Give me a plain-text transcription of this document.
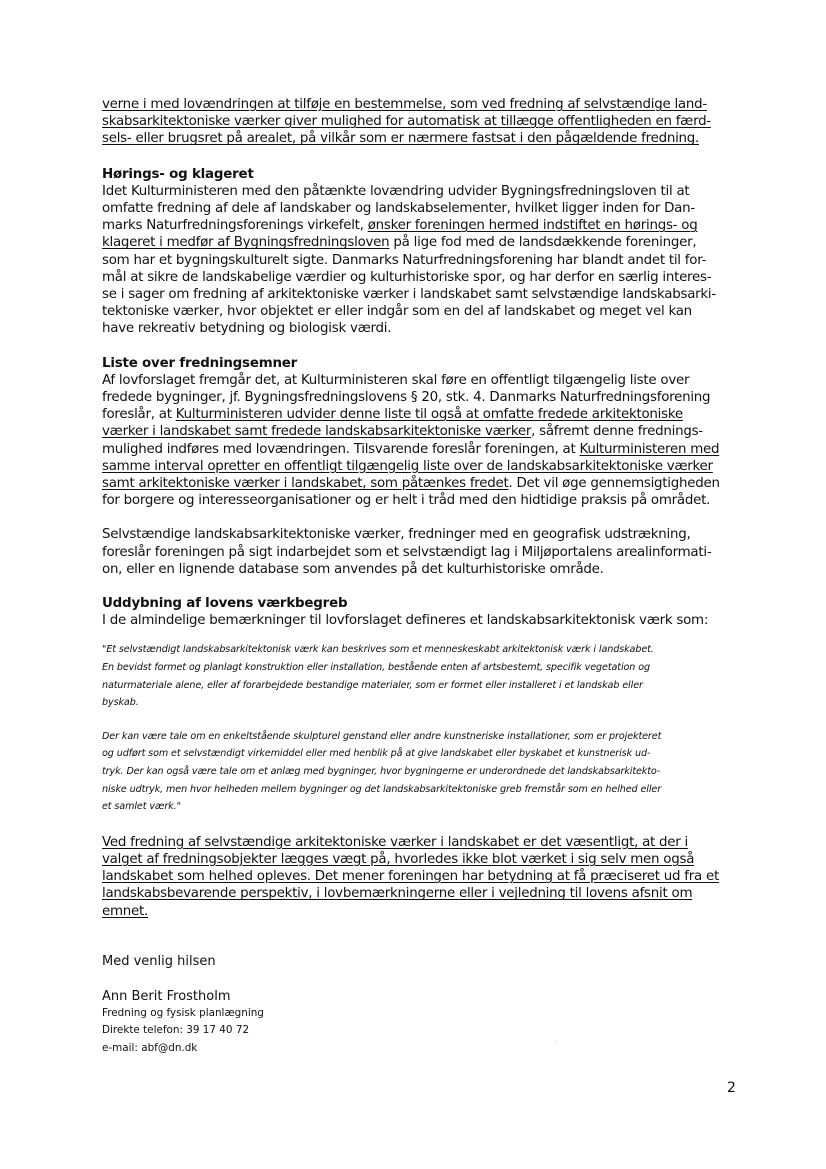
verne i med lovændringen at tilføje en bestemmelse, som ved fredning af selvstændige land-

skabsarkitektoniske værker giver mulighed for automatisk at tillægge offentligheden en færd-

sels- eller brugsret på arealet, på vilkår som er nærmere fastsat i den pågældende fredning.

Hørings- og klageret

Idet Kulturministeren med den påtænkte lovændring udvider Bygningsfredningsloven til at

omfatte fredning af dele af landskaber og landskabselementer, hvilket ligger inden for Dan-

marks Naturfredningsforenings virkefelt, ønsker foreningen hermed indstiftet en hørings- og

klageret i medfør af Bygningsfredningsloven på lige fod med de landsdækkende foreninger,

som har et bygningskulturelt sigte. Danmarks Naturfredningsforening har blandt andet til for-

mål at sikre de landskabelige værdier og kulturhistoriske spor, og har derfor en særlig interes-

se i sager om fredning af arkitektoniske værker i landskabet samt selvstændige landskabsarki-

tektoniske værker, hvor objektet er eller indgår som en del af landskabet og meget vel kan

have rekreativ betydning og biologisk værdi.

Liste over fredningsemner

Af lovforslaget fremgår det, at Kulturministeren skal føre en offentligt tilgængelig liste over

fredede bygninger, jf. Bygningsfredningslovens § 20, stk. 4. Danmarks Naturfredningsforening

foreslår, at Kulturministeren udvider denne liste til også at omfatte fredede arkitektoniske

værker i landskabet samt fredede landskabsarkitektoniske værker, såfremt denne frednings-

mulighed indføres med lovændringen. Tilsvarende foreslår foreningen, at Kulturministeren med

samme interval opretter en offentligt tilgængelig liste over de landskabsarkitektoniske værker

samt arkitektoniske værker i landskabet, som påtænkes fredet. Det vil øge gennemsigtigheden

for borgere og interesseorganisationer og er helt i tråd med den hidtidige praksis på området.

Selvstændige landskabsarkitektoniske værker, fredninger med en geografisk udstrækning,

foreslår foreningen på sigt indarbejdet som et selvstændigt lag i Miljøportalens arealinformati-

on, eller en lignende database som anvendes på det kulturhistoriske område.

Uddybning af lovens værkbegreb

I de almindelige bemærkninger til lovforslaget defineres et landskabsarkitektonisk værk som:

"Et selvstændigt landskabsarkitektonisk værk kan beskrives som et menneskeskabt arkitektonisk værk i landskabet.

En bevidst formet og planlagt konstruktion eller installation, bestående enten af artsbestemt, specifik vegetation og

naturmateriale alene, eller af forarbejdede bestandige materialer, som er formet eller installeret i et landskab eller

byskab.

Der kan være tale om en enkeltstående skulpturel genstand eller andre kunstneriske installationer, som er projekteret

og udført som et selvstændigt virkemiddel eller med henblik på at give landskabet eller byskabet et kunstnerisk ud-

tryk. Der kan også være tale om et anlæg med bygninger, hvor bygningerne er underordnede det landskabsarkitekto-

niske udtryk, men hvor helheden mellem bygninger og det landskabsarkitektoniske greb fremstår som en helhed eller

et samlet værk."

Ved fredning af selvstændige arkitektoniske værker i landskabet er det væsentligt, at der i

valget af fredningsobjekter lægges vægt på, hvorledes ikke blot værket i sig selv men også

landskabet som helhed opleves. Det mener foreningen har betydning at få præciseret ud fra et

landskabsbevarende perspektiv, i lovbemærkningerne eller i vejledning til lovens afsnit om

emnet.

Med venlig hilsen

Ann Berit Frostholm

Fredning og fysisk planlægning

Direkte telefon: 39 17 40 72

e-mail: abf@dn.dk

2
